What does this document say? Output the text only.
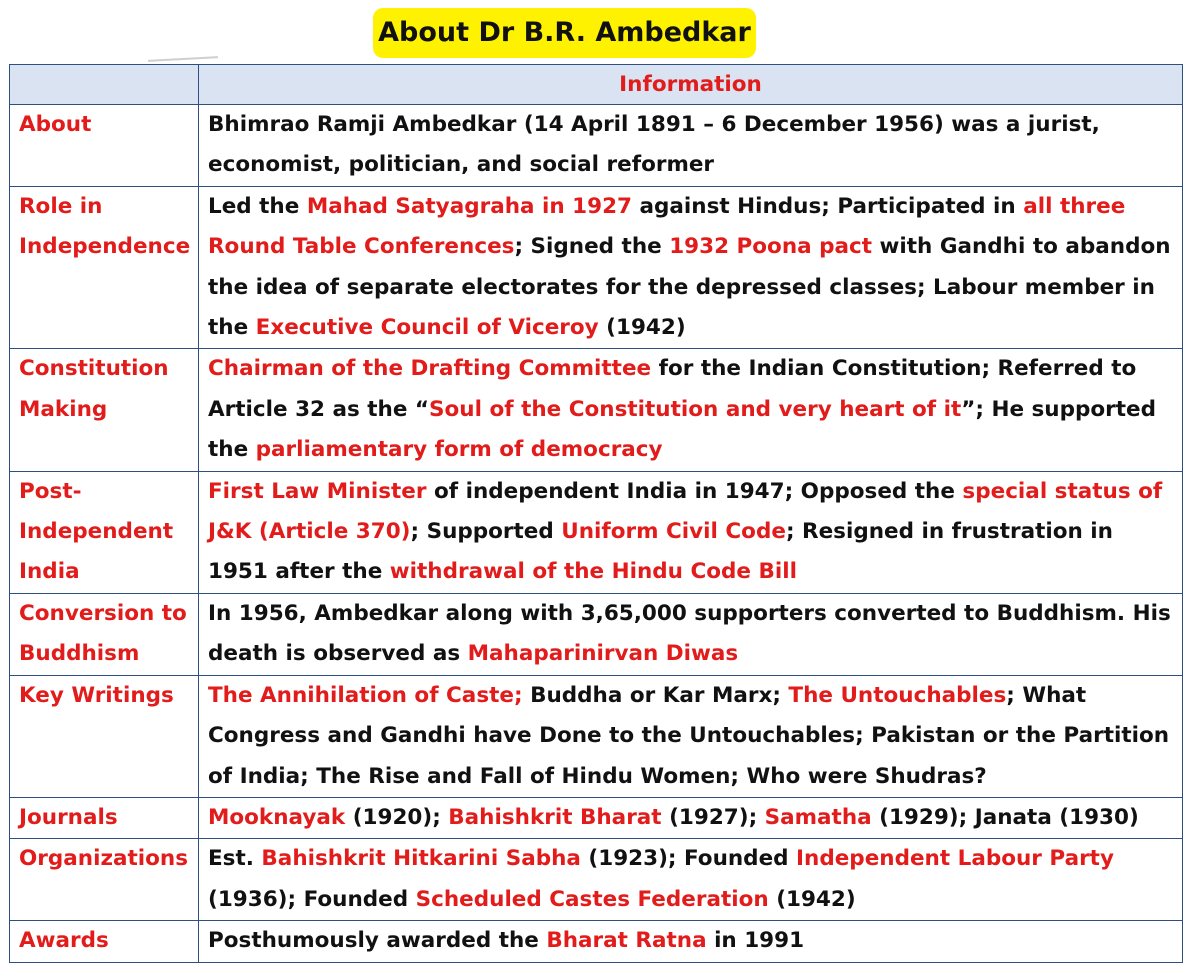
About Dr B.R. Ambedkar
	Information
About	Bhimrao Ramji Ambedkar (14 April 1891 – 6 December 1956) was a jurist, economist, politician, and social reformer
Role in Independence	Led the Mahad Satyagraha in 1927 against Hindus; Participated in all three Round Table Conferences; Signed the 1932 Poona pact with Gandhi to abandon the idea of separate electorates for the depressed classes; Labour member in the Executive Council of Viceroy (1942)
Constitution Making	Chairman of the Drafting Committee for the Indian Constitution; Referred to Article 32 as the “Soul of the Constitution and very heart of it”; He supported the parliamentary form of democracy
Post-Independent India	First Law Minister of independent India in 1947; Opposed the special status of J&K (Article 370); Supported Uniform Civil Code; Resigned in frustration in 1951 after the withdrawal of the Hindu Code Bill
Conversion to Buddhism	In 1956, Ambedkar along with 3,65,000 supporters converted to Buddhism. His death is observed as Mahaparinirvan Diwas
Key Writings	The Annihilation of Caste; Buddha or Kar Marx; The Untouchables; What Congress and Gandhi have Done to the Untouchables; Pakistan or the Partition of India; The Rise and Fall of Hindu Women; Who were Shudras?
Journals	Mooknayak (1920); Bahishkrit Bharat (1927); Samatha (1929); Janata (1930)
Organizations	Est. Bahishkrit Hitkarini Sabha (1923); Founded Independent Labour Party (1936); Founded Scheduled Castes Federation (1942)
Awards	Posthumously awarded the Bharat Ratna in 1991
